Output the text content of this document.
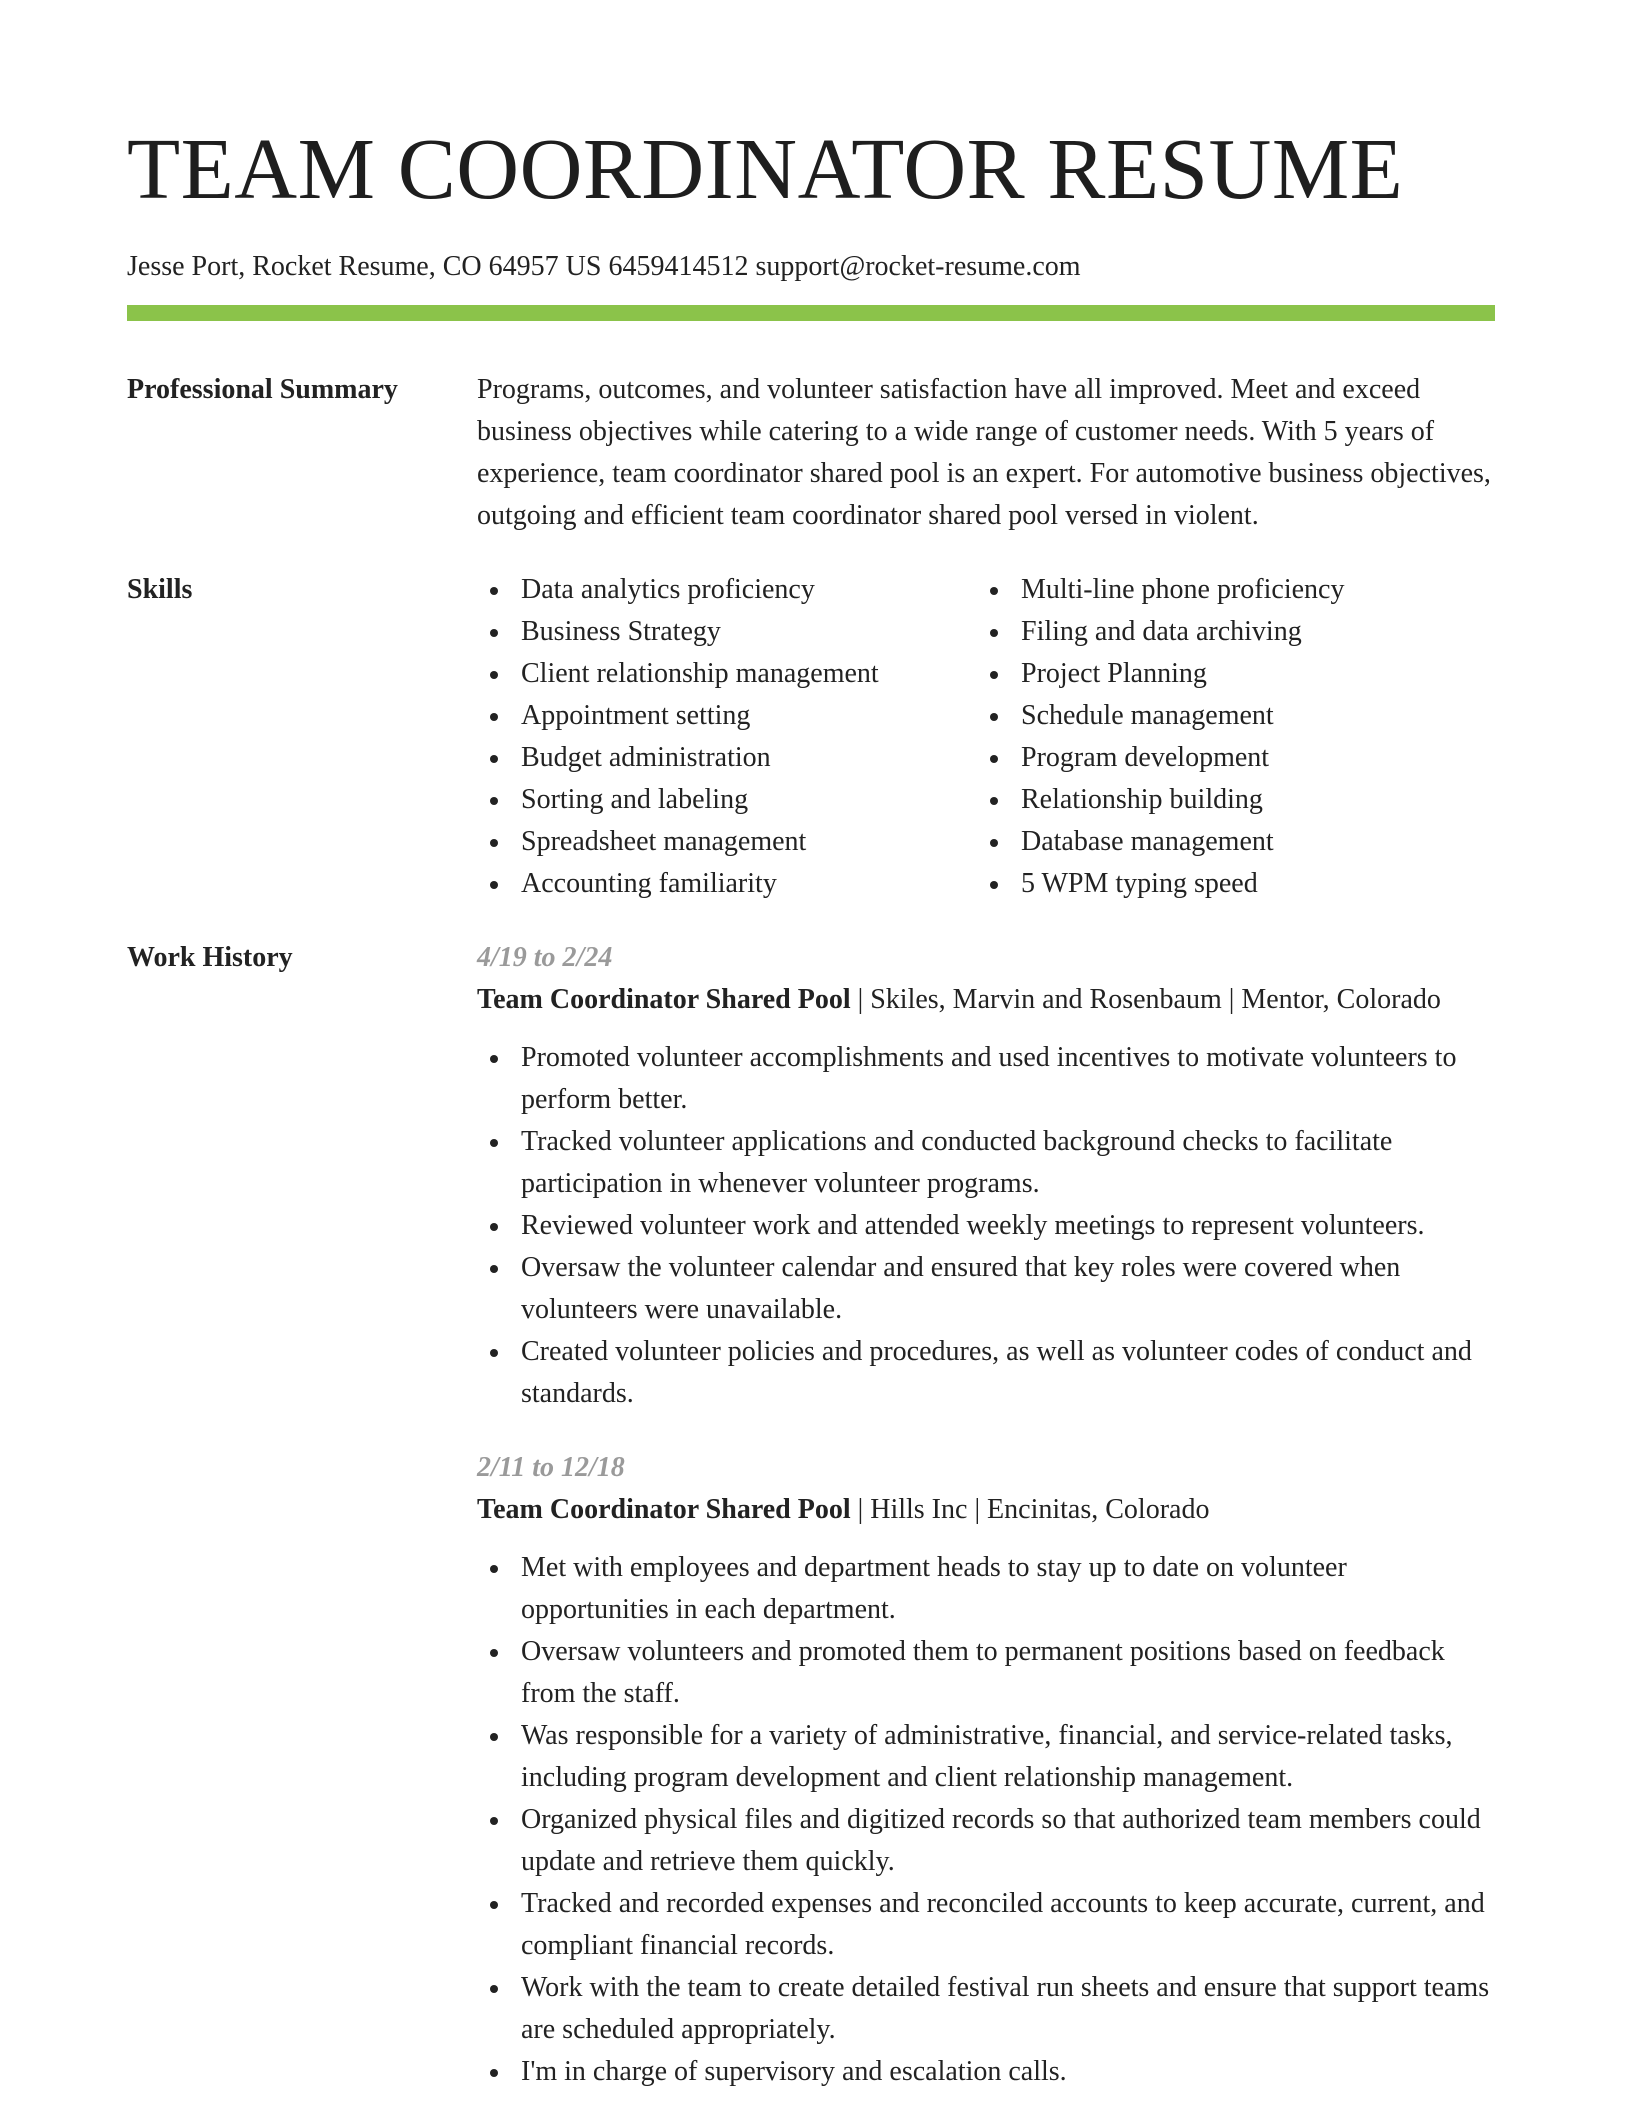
TEAM COORDINATOR RESUME
Jesse Port, Rocket Resume, CO 64957 US 6459414512 support@rocket-resume.com
Professional Summary	Programs, outcomes, and volunteer satisfaction have all improved. Meet and exceed business objectives while catering to a wide range of customer needs. With 5 years of experience, team coordinator shared pool is an expert. For automotive business objectives, outgoing and efficient team coordinator shared pool versed in violent.
Skills	Data analytics proficiency
Business Strategy
Client relationship management
Appointment setting
Budget administration
Sorting and labeling
Spreadsheet management
Accounting familiarity
Multi-line phone proficiency
Filing and data archiving
Project Planning
Schedule management
Program development
Relationship building
Database management
5 WPM typing speed
Work History	4/19 to 2/24
Team Coordinator Shared Pool | Skiles, Marvin and Rosenbaum | Mentor, Colorado
Promoted volunteer accomplishments and used incentives to motivate volunteers to perform better.
Tracked volunteer applications and conducted background checks to facilitate participation in whenever volunteer programs.
Reviewed volunteer work and attended weekly meetings to represent volunteers.
Oversaw the volunteer calendar and ensured that key roles were covered when volunteers were unavailable.
Created volunteer policies and procedures, as well as volunteer codes of conduct and standards.
2/11 to 12/18
Team Coordinator Shared Pool | Hills Inc | Encinitas, Colorado
Met with employees and department heads to stay up to date on volunteer opportunities in each department.
Oversaw volunteers and promoted them to permanent positions based on feedback from the staff.
Was responsible for a variety of administrative, financial, and service-related tasks, including program development and client relationship management.
Organized physical files and digitized records so that authorized team members could update and retrieve them quickly.
Tracked and recorded expenses and reconciled accounts to keep accurate, current, and compliant financial records.
Work with the team to create detailed festival run sheets and ensure that support teams are scheduled appropriately.
I'm in charge of supervisory and escalation calls.
